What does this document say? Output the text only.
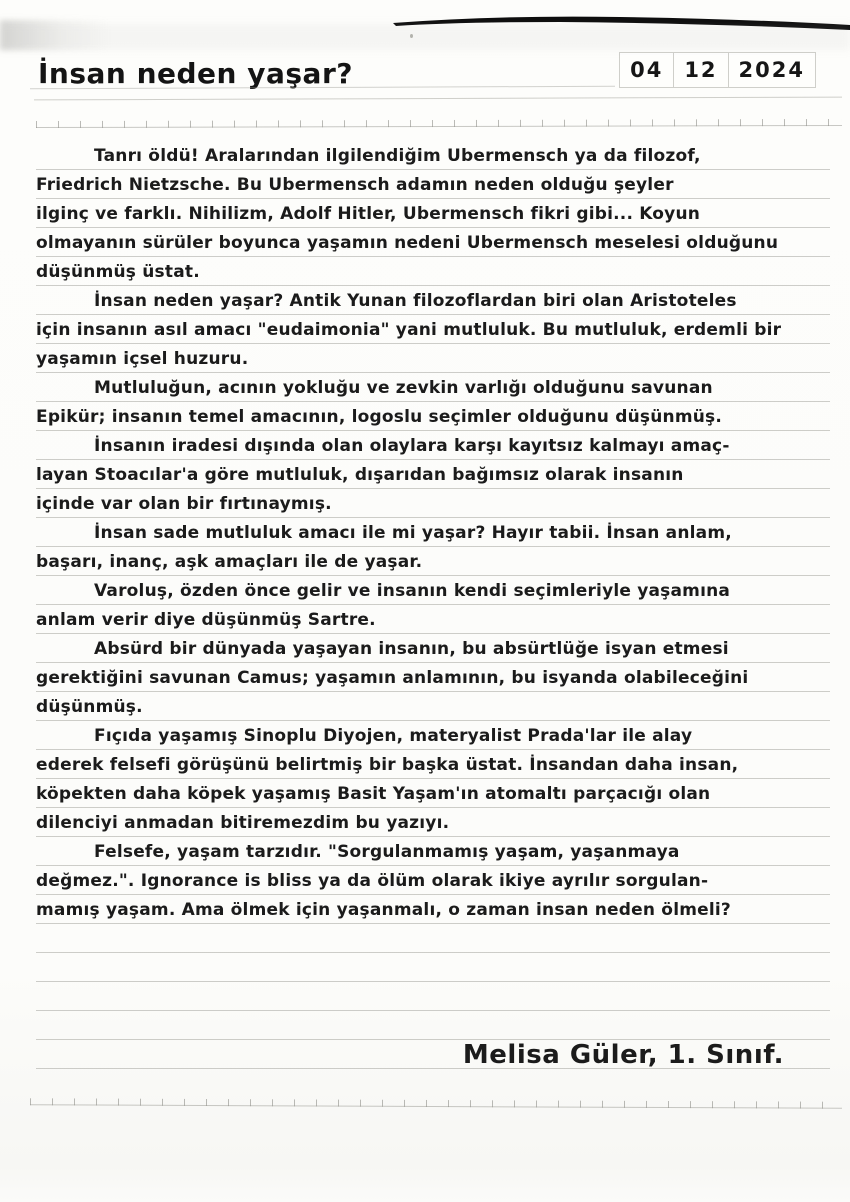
İnsan neden yaşar?	04	12	2024
Tanrı öldü! Aralarından ilgilendiğim Ubermensch ya da filozof,
Friedrich Nietzsche. Bu Ubermensch adamın neden olduğu şeyler
ilginç ve farklı. Nihilizm, Adolf Hitler, Ubermensch fikri gibi... Koyun
olmayanın sürüler boyunca yaşamın nedeni Ubermensch meselesi olduğunu
düşünmüş üstat.
İnsan neden yaşar? Antik Yunan filozoflardan biri olan Aristoteles
için insanın asıl amacı "eudaimonia" yani mutluluk. Bu mutluluk, erdemli bir
yaşamın içsel huzuru.
Mutluluğun, acının yokluğu ve zevkin varlığı olduğunu savunan
Epikür; insanın temel amacının, logoslu seçimler olduğunu düşünmüş.
İnsanın iradesi dışında olan olaylara karşı kayıtsız kalmayı amaç-
layan Stoacılar'a göre mutluluk, dışarıdan bağımsız olarak insanın
içinde var olan bir fırtınaymış.
İnsan sade mutluluk amacı ile mi yaşar? Hayır tabii. İnsan anlam,
başarı, inanç, aşk amaçları ile de yaşar.
Varoluş, özden önce gelir ve insanın kendi seçimleriyle yaşamına
anlam verir diye düşünmüş Sartre.
Absürd bir dünyada yaşayan insanın, bu absürtlüğe isyan etmesi
gerektiğini savunan Camus; yaşamın anlamının, bu isyanda olabileceğini
düşünmüş.
Fıçıda yaşamış Sinoplu Diyojen, materyalist Prada'lar ile alay
ederek felsefi görüşünü belirtmiş bir başka üstat. İnsandan daha insan,
köpekten daha köpek yaşamış Basit Yaşam'ın atomaltı parçacığı olan
dilenciyi anmadan bitiremezdim bu yazıyı.
Felsefe, yaşam tarzıdır. "Sorgulanmamış yaşam, yaşanmaya
değmez.". Ignorance is bliss ya da ölüm olarak ikiye ayrılır sorgulan-
mamış yaşam. Ama ölmek için yaşanmalı, o zaman insan neden ölmeli?
Melisa Güler, 1. Sınıf.
